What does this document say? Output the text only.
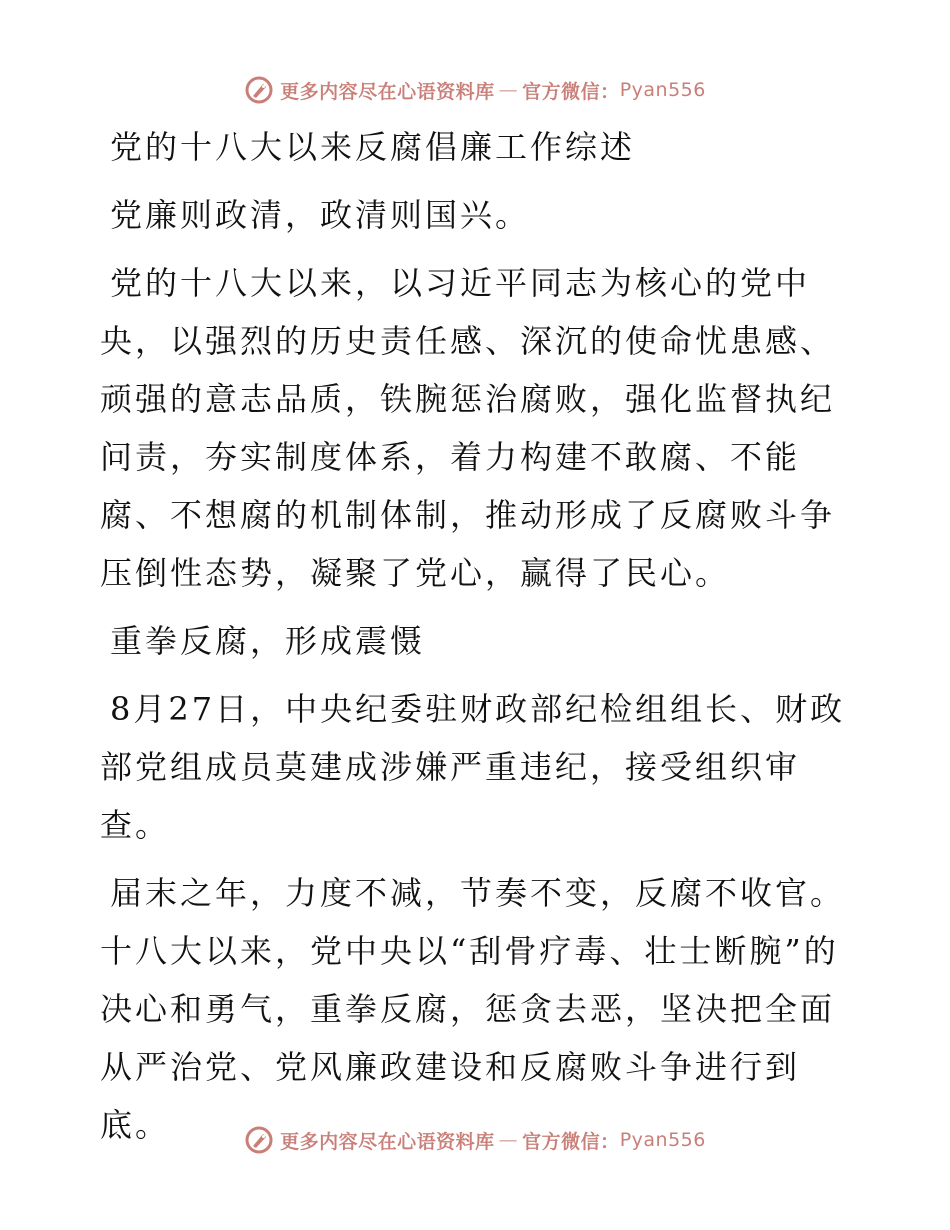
更多内容尽在心语资料库 — 官方微信： Pyan556

党的十八大以来反腐倡廉工作综述

党廉则政清，政清则国兴。

党的十八大以来，以习近平同志为核心的党中央，以强烈的历史责任感、深沉的使命忧患感、顽强的意志品质，铁腕惩治腐败，强化监督执纪问责，夯实制度体系，着力构建不敢腐、不能腐、不想腐的机制体制，推动形成了反腐败斗争压倒性态势，凝聚了党心，赢得了民心。

重拳反腐，形成震慑

8月27日，中央纪委驻财政部纪检组组长、财政部党组成员莫建成涉嫌严重违纪，接受组织审查。

届末之年，力度不减，节奏不变，反腐不收官。十八大以来，党中央以“刮骨疗毒、壮士断腕”的决心和勇气，重拳反腐，惩贪去恶，坚决把全面从严治党、党风廉政建设和反腐败斗争进行到底。	更多内容尽在心语资料库 — 官方微信： Pyan556
